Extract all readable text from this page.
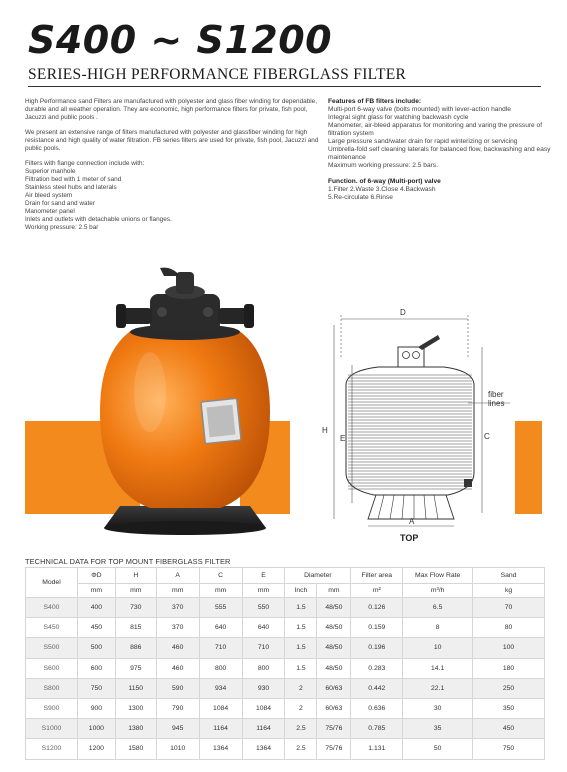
S400 ~ S1200
SERIES-HIGH PERFORMANCE FIBERGLASS FILTER

High Performance sand Filters are manufactured with polyester and glass fiber winding for dependable, durable and all weather operation. They are economic, high performance filters for private, fish pool, Jacuzzi and public pools .

We present an extensive range of filters manufactured with polyester and glassfiber winding for high resistance and high quality of water filtration. FB series filters are used for private, fish pool, Jacuzzi and public pools.

Filters with flange connection include with:
Superior manhole
Filtration bed with 1 meter of sand
Stainless steel hubs and laterals
Air bleed system
Drain for sand and water
Manometer panel
Inlets and outlets with detachable unions or flanges.
Working pressure: 2.5 bar
Features of FB filters include:
Multi-port 6-way valve (bolts mounted) with lever-action handle
Integral sight glass for watching backwash cycle
Manometer, air-bleed apparatus for monitoring and varing the pressure of filtration system
Large pressure sand/water drain for rapid winterizing or servicing
Umbrella-fold self cleaning laterals for balanced flow, backwashing and easy maintenance
Maximum working pressure: 2.5 bars.
Function. of 6-way (Multi-port) valve
1.Filter 2.Waste 3.Close 4.Backwash
5.Re-circulate 6.Rinse
D
H
E	C
fiber
lines
A
TOP
TECHNICAL DATA FOR TOP MOUNT FIBERGLASS FILTER
Model	ΦD	H	A	C	E	Diameter		Filter area	Max Flow Rate	Sand
	mm	mm	mm	mm	mm	Inch	mm	m²	m³/h	kg
S400	400	730	370	555	550	1.5	48/50	0.126	6.5	70
S450	450	815	370	640	640	1.5	48/50	0.159	8	80
S500	500	886	460	710	710	1.5	48/50	0.196	10	100
S600	600	975	460	800	800	1.5	48/50	0.283	14.1	180
S800	750	1150	590	934	930	2	60/63	0.442	22.1	250
S900	900	1300	790	1084	1084	2	60/63	0.636	30	350
S1000	1000	1380	945	1164	1164	2.5	75/76	0.785	35	450
S1200	1200	1580	1010	1364	1364	2.5	75/76	1.131	50	750
